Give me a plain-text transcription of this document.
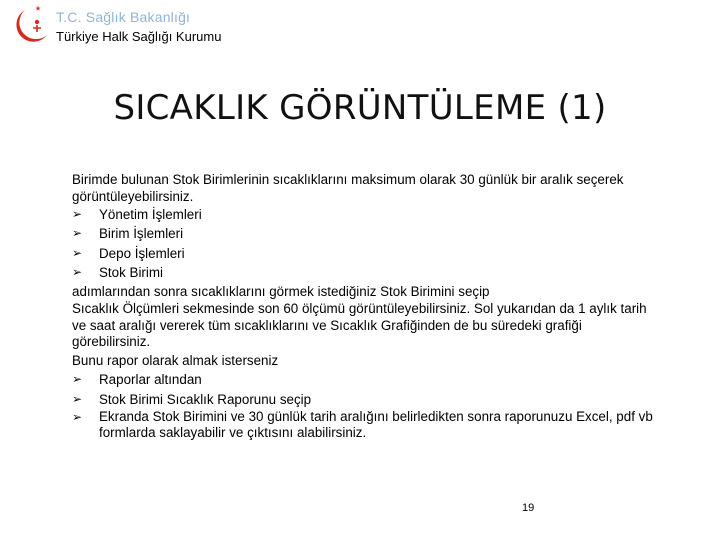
T.C. Sağlık Bakanlığı
Türkiye Halk Sağlığı Kurumu
SICAKLIK GÖRÜNTÜLEME (1)
Birimde bulunan Stok Birimlerinin sıcaklıklarını maksimum olarak 30 günlük bir aralık seçerek görüntüleyebilirsiniz.
➢
Yönetim İşlemleri
➢
Birim İşlemleri
➢
Depo İşlemleri
➢
Stok Birimi
adımlarından sonra sıcaklıklarını görmek istediğiniz Stok Birimini seçip
Sıcaklık Ölçümleri sekmesinde son 60 ölçümü görüntüleyebilirsiniz. Sol yukarıdan da 1 aylık tarih ve saat aralığı vererek tüm sıcaklıklarını ve Sıcaklık Grafiğinden de bu süredeki grafiği görebilirsiniz.
Bunu rapor olarak almak isterseniz
➢
Raporlar altından
➢
Stok Birimi Sıcaklık Raporunu seçip
➢
Ekranda Stok Birimini ve 30 günlük tarih aralığını belirledikten sonra raporunuzu Excel, pdf vb formlarda saklayabilir ve çıktısını alabilirsiniz.
19
